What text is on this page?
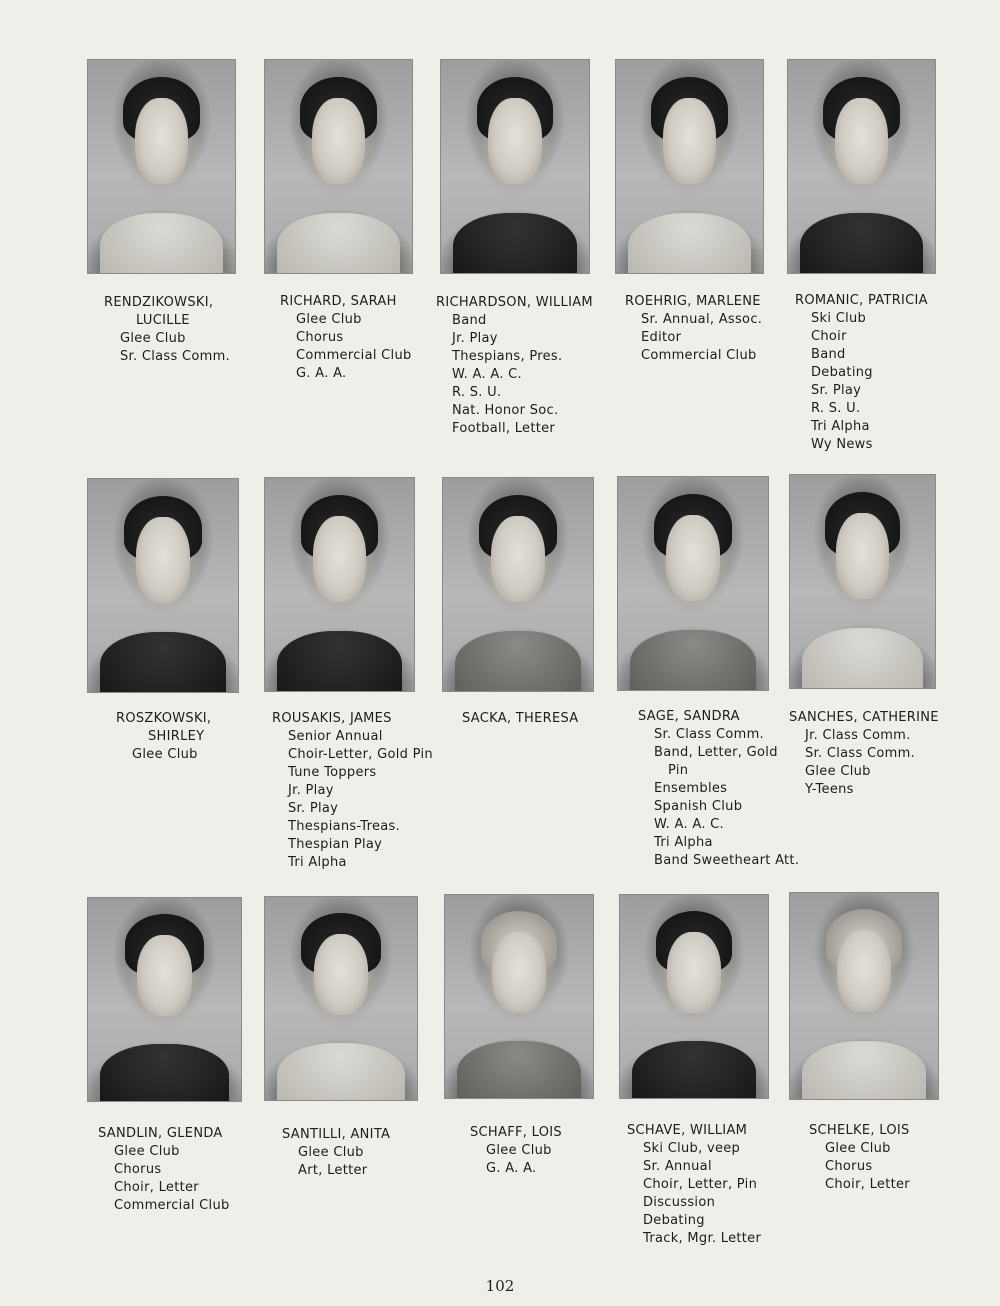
RENDZIKOWSKI,
LUCILLE
Glee Club
Sr. Class Comm.
RICHARD, SARAH
Glee Club
Chorus
Commercial Club
G. A. A.
RICHARDSON, WILLIAM
Band
Jr. Play
Thespians, Pres.
W. A. A. C.
R. S. U.
Nat. Honor Soc.
Football, Letter
ROEHRIG, MARLENE
Sr. Annual, Assoc.
Editor
Commercial Club
ROMANIC, PATRICIA
Ski Club
Choir
Band
Debating
Sr. Play
R. S. U.
Tri Alpha
Wy News
ROSZKOWSKI,
SHIRLEY
Glee Club
ROUSAKIS, JAMES
Senior Annual
Choir-Letter, Gold Pin
Tune Toppers
Jr. Play
Sr. Play
Thespians-Treas.
Thespian Play
Tri Alpha
SACKA, THERESA	SAGE, SANDRA
Sr. Class Comm.
Band, Letter, Gold
Pin
Ensembles
Spanish Club
W. A. A. C.
Tri Alpha
Band Sweetheart Att.
SANCHES, CATHERINE
Jr. Class Comm.
Sr. Class Comm.
Glee Club
Y-Teens
SANDLIN, GLENDA
Glee Club
Chorus
Choir, Letter
Commercial Club
SANTILLI, ANITA
Glee Club
Art, Letter
SCHAFF, LOIS
Glee Club
G. A. A.
SCHAVE, WILLIAM
Ski Club, veep
Sr. Annual
Choir, Letter, Pin
Discussion
Debating
Track, Mgr. Letter
SCHELKE, LOIS
Glee Club
Chorus
Choir, Letter
102
